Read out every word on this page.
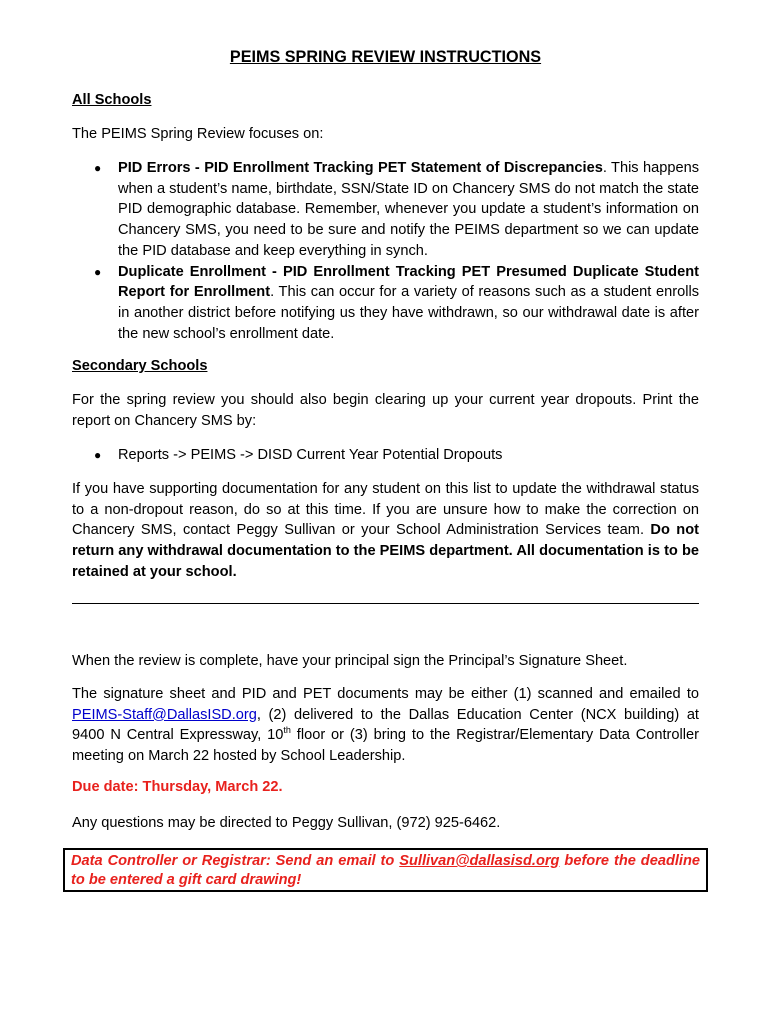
PEIMS SPRING REVIEW INSTRUCTIONS
All Schools

The PEIMS Spring Review focuses on:

● PID Errors - PID Enrollment Tracking PET Statement of Discrepancies. This happens when a student’s name, birthdate, SSN/State ID on Chancery SMS do not match the state PID demographic database. Remember, whenever you update a student’s information on Chancery SMS, you need to be sure and notify the PEIMS department so we can update the PID database and keep everything in synch.
● Duplicate Enrollment - PID Enrollment Tracking PET Presumed Duplicate Student Report for Enrollment. This can occur for a variety of reasons such as a student enrolls in another district before notifying us they have withdrawn, so our withdrawal date is after the new school’s enrollment date.
Secondary Schools

For the spring review you should also begin clearing up your current year dropouts. Print the report on Chancery SMS by:

● Reports -> PEIMS -> DISD Current Year Potential Dropouts

If you have supporting documentation for any student on this list to update the withdrawal status to a non-dropout reason, do so at this time. If you are unsure how to make the correction on Chancery SMS, contact Peggy Sullivan or your School Administration Services team. Do not return any withdrawal documentation to the PEIMS department. All documentation is to be retained at your school.

When the review is complete, have your principal sign the Principal’s Signature Sheet.

The signature sheet and PID and PET documents may be either (1) scanned and emailed to PEIMS-Staff@DallasISD.org, (2) delivered to the Dallas Education Center (NCX building) at 9400 N Central Expressway, 10th floor or (3) bring to the Registrar/Elementary Data Controller meeting on March 22 hosted by School Leadership.

Due date: Thursday, March 22.

Any questions may be directed to Peggy Sullivan, (972) 925-6462.

Data Controller or Registrar: Send an email to Sullivan@dallasisd.org before the deadline to be entered a gift card drawing!
